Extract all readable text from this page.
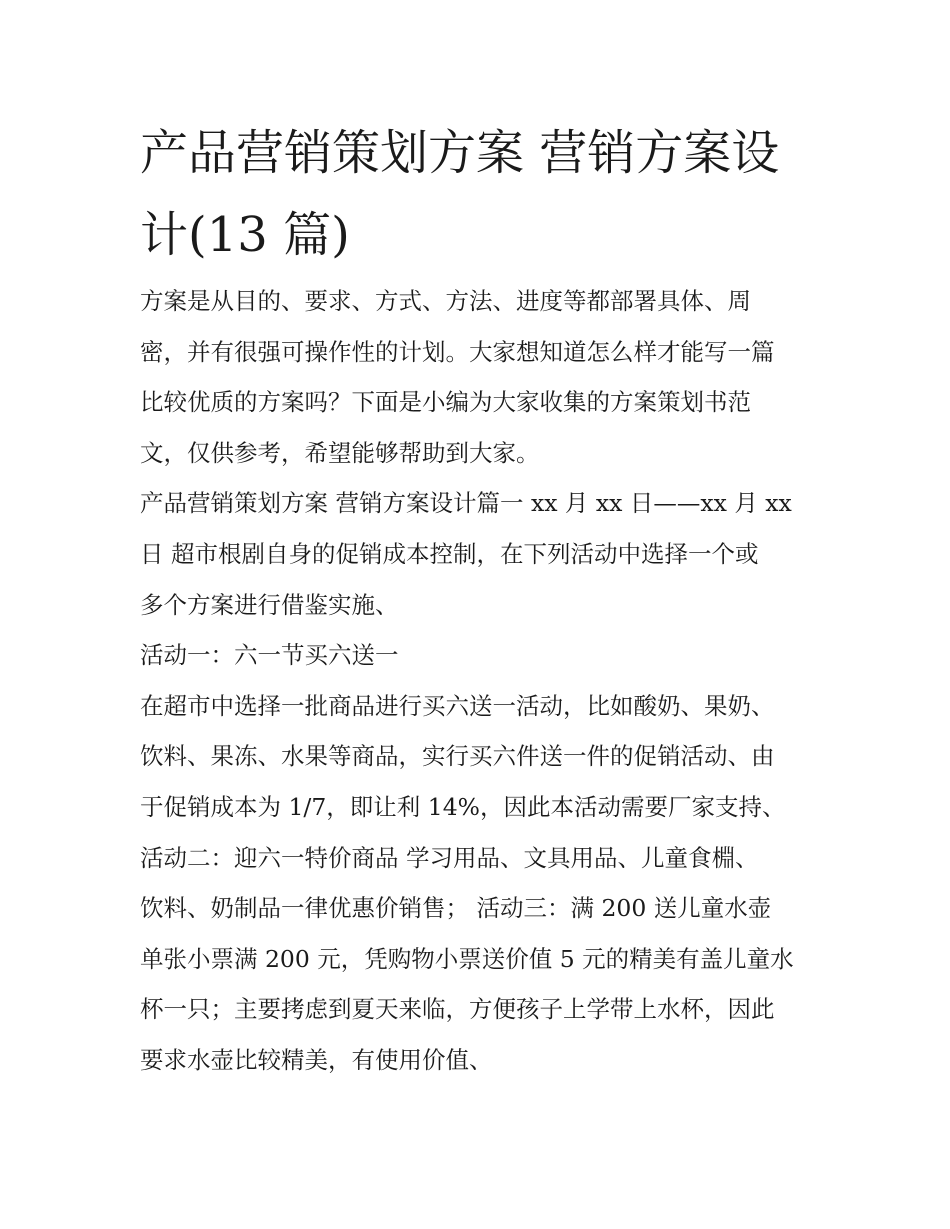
产品营销策划方案 营销方案设
计(13 篇)
方案是从目的、要求、方式、方法、进度等都部署具体、周
密，并有很强可操作性的计划。大家想知道怎么样才能写一篇
比较优质的方案吗？下面是小编为大家收集的方案策划书范
文，仅供参考，希望能够帮助到大家。
产品营销策划方案 营销方案设计篇一 xx 月 xx 日——xx 月 xx
日 超市根剧自身的促销成本控制，在下列活动中选择一个或
多个方案进行借鉴实施、
活动一：六一节买六送一
在超市中选择一批商品进行买六送一活动，比如酸奶、果奶、
饮料、果冻、水果等商品，实行买六件送一件的促销活动、由
于促销成本为 1/7，即让利 14%，因此本活动需要厂家支持、
活动二：迎六一特价商品 学习用品、文具用品、儿童食棩、
饮料、奶制品一律优惠价销售； 活动三：满 200 送儿童水壶
单张小票满 200 元，凭购物小票送价值 5 元的精美有盖儿童水
杯一只；主要拷虑到夏天来临，方便孩子上学带上水杯，因此
要求水壶比较精美，有使用价值、
